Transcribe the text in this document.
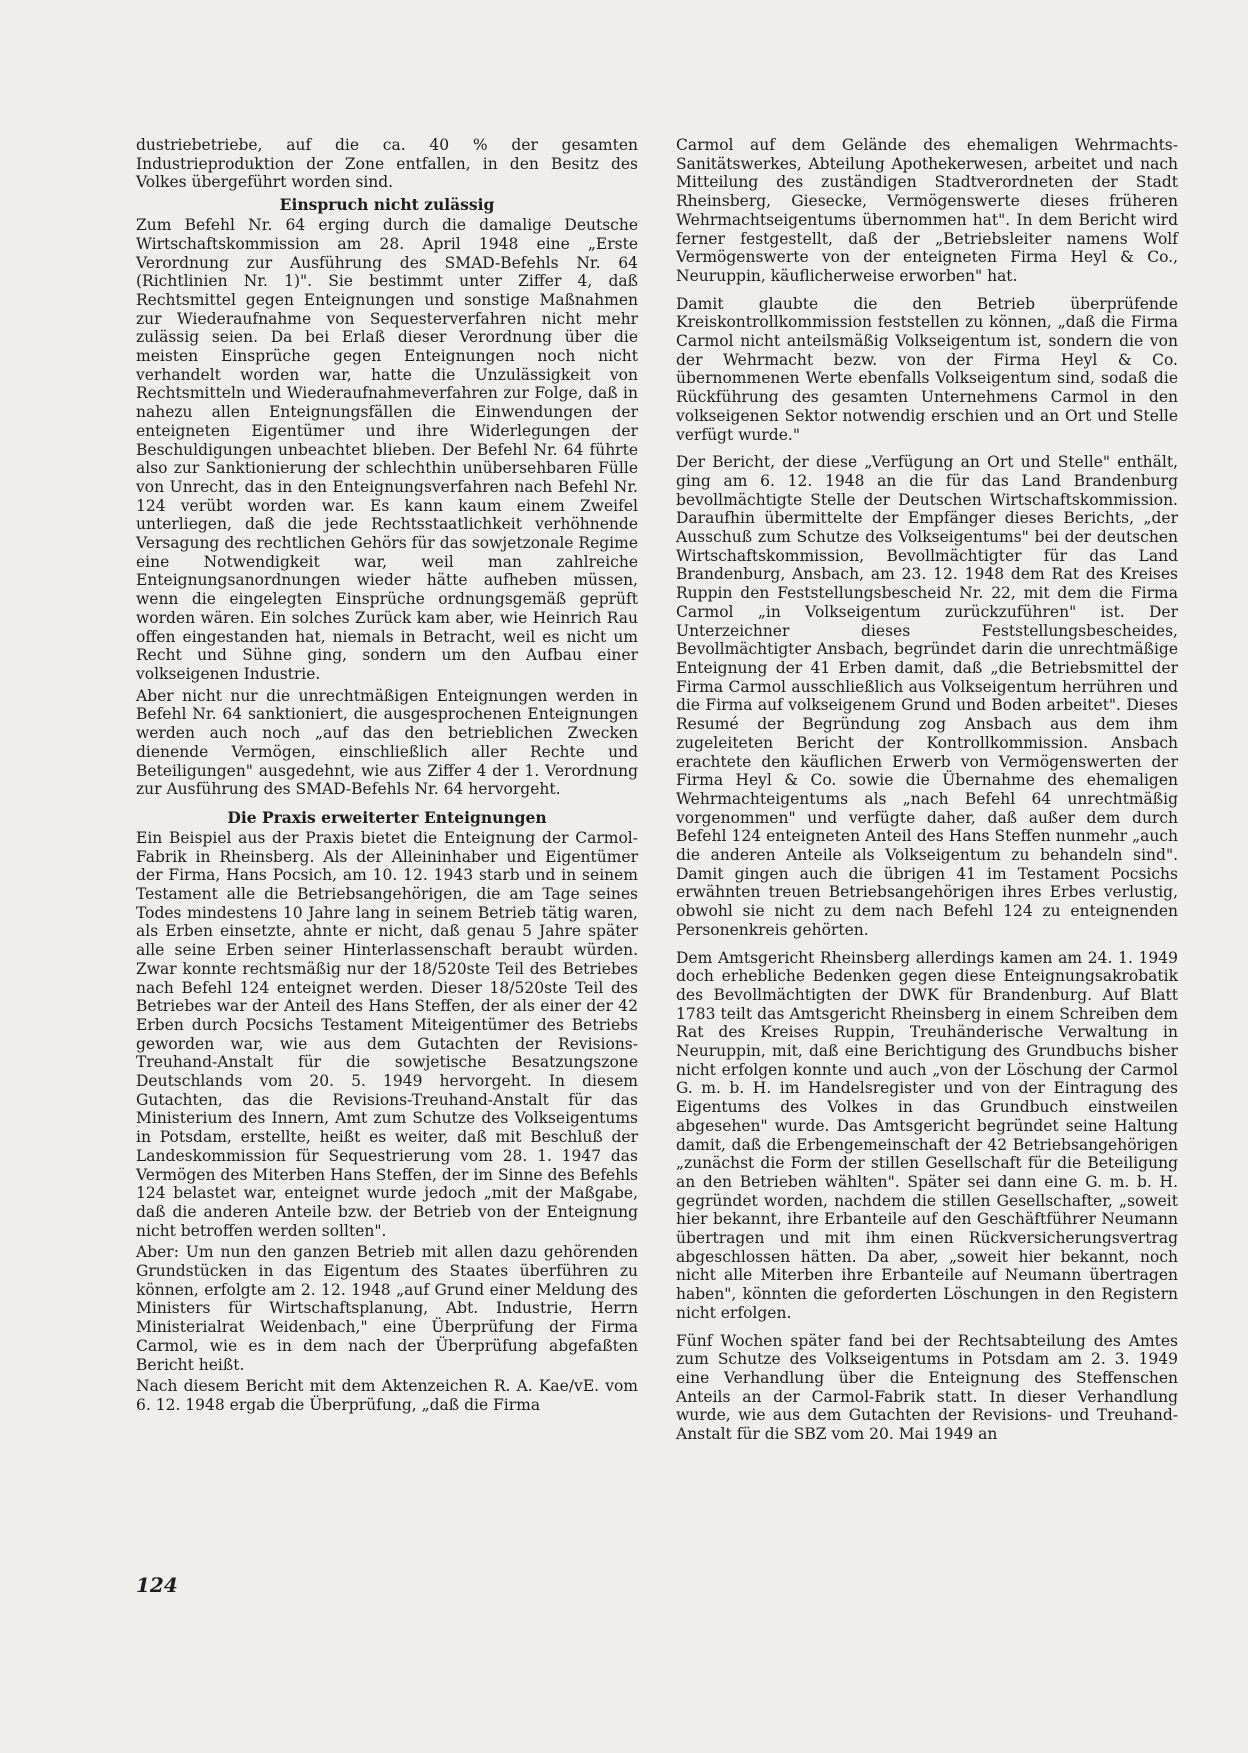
dustriebetriebe, auf die ca. 40 % der gesamten Industrieproduktion der Zone entfallen, in den Besitz des Volkes übergeführt worden sind.

Einspruch nicht zulässig

Zum Befehl Nr. 64 erging durch die damalige Deutsche Wirtschaftskommission am 28. April 1948 eine „Erste Verordnung zur Ausführung des SMAD-Befehls Nr. 64 (Richtlinien Nr. 1)". Sie bestimmt unter Ziffer 4, daß Rechtsmittel gegen Enteignungen und sonstige Maßnahmen zur Wiederaufnahme von Sequesterverfahren nicht mehr zulässig seien. Da bei Erlaß dieser Verordnung über die meisten Einsprüche gegen Enteignungen noch nicht verhandelt worden war, hatte die Unzulässigkeit von Rechtsmitteln und Wiederaufnahmeverfahren zur Folge, daß in nahezu allen Enteignungsfällen die Einwendungen der enteigneten Eigentümer und ihre Widerlegungen der Beschuldigungen unbeachtet blieben. Der Befehl Nr. 64 führte also zur Sanktionierung der schlechthin unübersehbaren Fülle von Unrecht, das in den Enteignungsverfahren nach Befehl Nr. 124 verübt worden war. Es kann kaum einem Zweifel unterliegen, daß die jede Rechtsstaatlichkeit verhöhnende Versagung des rechtlichen Gehörs für das sowjetzonale Regime eine Notwendigkeit war, weil man zahlreiche Enteignungsanordnungen wieder hätte aufheben müssen, wenn die eingelegten Einsprüche ordnungsgemäß geprüft worden wären. Ein solches Zurück kam aber, wie Heinrich Rau offen eingestanden hat, niemals in Betracht, weil es nicht um Recht und Sühne ging, sondern um den Aufbau einer volkseigenen Industrie.

Aber nicht nur die unrechtmäßigen Enteignungen werden in Befehl Nr. 64 sanktioniert, die ausgesprochenen Enteignungen werden auch noch „auf das den betrieblichen Zwecken dienende Vermögen, einschließlich aller Rechte und Beteiligungen" ausgedehnt, wie aus Ziffer 4 der 1. Verordnung zur Ausführung des SMAD-Befehls Nr. 64 hervorgeht.

Die Praxis erweiterter Enteignungen

Ein Beispiel aus der Praxis bietet die Enteignung der Carmol-Fabrik in Rheinsberg. Als der Alleininhaber und Eigentümer der Firma, Hans Pocsich, am 10. 12. 1943 starb und in seinem Testament alle die Betriebsangehörigen, die am Tage seines Todes mindestens 10 Jahre lang in seinem Betrieb tätig waren, als Erben einsetzte, ahnte er nicht, daß genau 5 Jahre später alle seine Erben seiner Hinterlassenschaft beraubt würden. Zwar konnte rechtsmäßig nur der 18/520ste Teil des Betriebes nach Befehl 124 enteignet werden. Dieser 18/520ste Teil des Betriebes war der Anteil des Hans Steffen, der als einer der 42 Erben durch Pocsichs Testament Miteigentümer des Betriebs geworden war, wie aus dem Gutachten der Revisions-Treuhand-Anstalt für die sowjetische Besatzungszone Deutschlands vom 20. 5. 1949 hervorgeht. In diesem Gutachten, das die Revisions-Treuhand-Anstalt für das Ministerium des Innern, Amt zum Schutze des Volkseigentums in Potsdam, erstellte, heißt es weiter, daß mit Beschluß der Landeskommission für Sequestrierung vom 28. 1. 1947 das Vermögen des Miterben Hans Steffen, der im Sinne des Befehls 124 belastet war, enteignet wurde jedoch „mit der Maßgabe, daß die anderen Anteile bzw. der Betrieb von der Enteignung nicht betroffen werden sollten".

Aber: Um nun den ganzen Betrieb mit allen dazu gehörenden Grundstücken in das Eigentum des Staates überführen zu können, erfolgte am 2. 12. 1948 „auf Grund einer Meldung des Ministers für Wirtschaftsplanung, Abt. Industrie, Herrn Ministerialrat Weidenbach," eine Überprüfung der Firma Carmol, wie es in dem nach der Überprüfung abgefaßten Bericht heißt.

Nach diesem Bericht mit dem Aktenzeichen R. A. Kae/vE. vom 6. 12. 1948 ergab die Überprüfung, „daß die Firma

Carmol auf dem Gelände des ehemaligen Wehrmachts-Sanitätswerkes, Abteilung Apothekerwesen, arbeitet und nach Mitteilung des zuständigen Stadtverordneten der Stadt Rheinsberg, Giesecke, Vermögenswerte dieses früheren Wehrmachtseigentums übernommen hat". In dem Bericht wird ferner festgestellt, daß der „Betriebsleiter namens Wolf Vermögenswerte von der enteigneten Firma Heyl & Co., Neuruppin, käuflicherweise erworben" hat.

Damit glaubte die den Betrieb überprüfende Kreiskontrollkommission feststellen zu können, „daß die Firma Carmol nicht anteilsmäßig Volkseigentum ist, sondern die von der Wehrmacht bezw. von der Firma Heyl & Co. übernommenen Werte ebenfalls Volkseigentum sind, sodaß die Rückführung des gesamten Unternehmens Carmol in den volkseigenen Sektor notwendig erschien und an Ort und Stelle verfügt wurde."

Der Bericht, der diese „Verfügung an Ort und Stelle" enthält, ging am 6. 12. 1948 an die für das Land Brandenburg bevollmächtigte Stelle der Deutschen Wirtschaftskommission. Daraufhin übermittelte der Empfänger dieses Berichts, „der Ausschuß zum Schutze des Volkseigentums" bei der deutschen Wirtschaftskommission, Bevollmächtigter für das Land Brandenburg, Ansbach, am 23. 12. 1948 dem Rat des Kreises Ruppin den Feststellungsbescheid Nr. 22, mit dem die Firma Carmol „in Volkseigentum zurückzuführen" ist. Der Unterzeichner dieses Feststellungsbescheides, Bevollmächtigter Ansbach, begründet darin die unrechtmäßige Enteignung der 41 Erben damit, daß „die Betriebsmittel der Firma Carmol ausschließlich aus Volkseigentum herrühren und die Firma auf volkseigenem Grund und Boden arbeitet". Dieses Resumé der Begründung zog Ansbach aus dem ihm zugeleiteten Bericht der Kontrollkommission. Ansbach erachtete den käuflichen Erwerb von Vermögenswerten der Firma Heyl & Co. sowie die Übernahme des ehemaligen Wehrmachteigentums als „nach Befehl 64 unrechtmäßig vorgenommen" und verfügte daher, daß außer dem durch Befehl 124 enteigneten Anteil des Hans Steffen nunmehr „auch die anderen Anteile als Volkseigentum zu behandeln sind". Damit gingen auch die übrigen 41 im Testament Pocsichs erwähnten treuen Betriebsangehörigen ihres Erbes verlustig, obwohl sie nicht zu dem nach Befehl 124 zu enteignenden Personenkreis gehörten.

Dem Amtsgericht Rheinsberg allerdings kamen am 24. 1. 1949 doch erhebliche Bedenken gegen diese Enteignungsakrobatik des Bevollmächtigten der DWK für Brandenburg. Auf Blatt 1783 teilt das Amtsgericht Rheinsberg in einem Schreiben dem Rat des Kreises Ruppin, Treuhänderische Verwaltung in Neuruppin, mit, daß eine Berichtigung des Grundbuchs bisher nicht erfolgen konnte und auch „von der Löschung der Carmol G. m. b. H. im Handelsregister und von der Eintragung des Eigentums des Volkes in das Grundbuch einstweilen abgesehen" wurde. Das Amtsgericht begründet seine Haltung damit, daß die Erbengemeinschaft der 42 Betriebsangehörigen „zunächst die Form der stillen Gesellschaft für die Beteiligung an den Betrieben wählten". Später sei dann eine G. m. b. H. gegründet worden, nachdem die stillen Gesellschafter, „soweit hier bekannt, ihre Erbanteile auf den Geschäftführer Neumann übertragen und mit ihm einen Rückversicherungsvertrag abgeschlossen hätten. Da aber, „soweit hier bekannt, noch nicht alle Miterben ihre Erbanteile auf Neumann übertragen haben", könnten die geforderten Löschungen in den Registern nicht erfolgen.

Fünf Wochen später fand bei der Rechtsabteilung des Amtes zum Schutze des Volkseigentums in Potsdam am 2. 3. 1949 eine Verhandlung über die Enteignung des Steffenschen Anteils an der Carmol-Fabrik statt. In dieser Verhandlung wurde, wie aus dem Gutachten der Revisions- und Treuhand-Anstalt für die SBZ vom 20. Mai 1949 an

124
